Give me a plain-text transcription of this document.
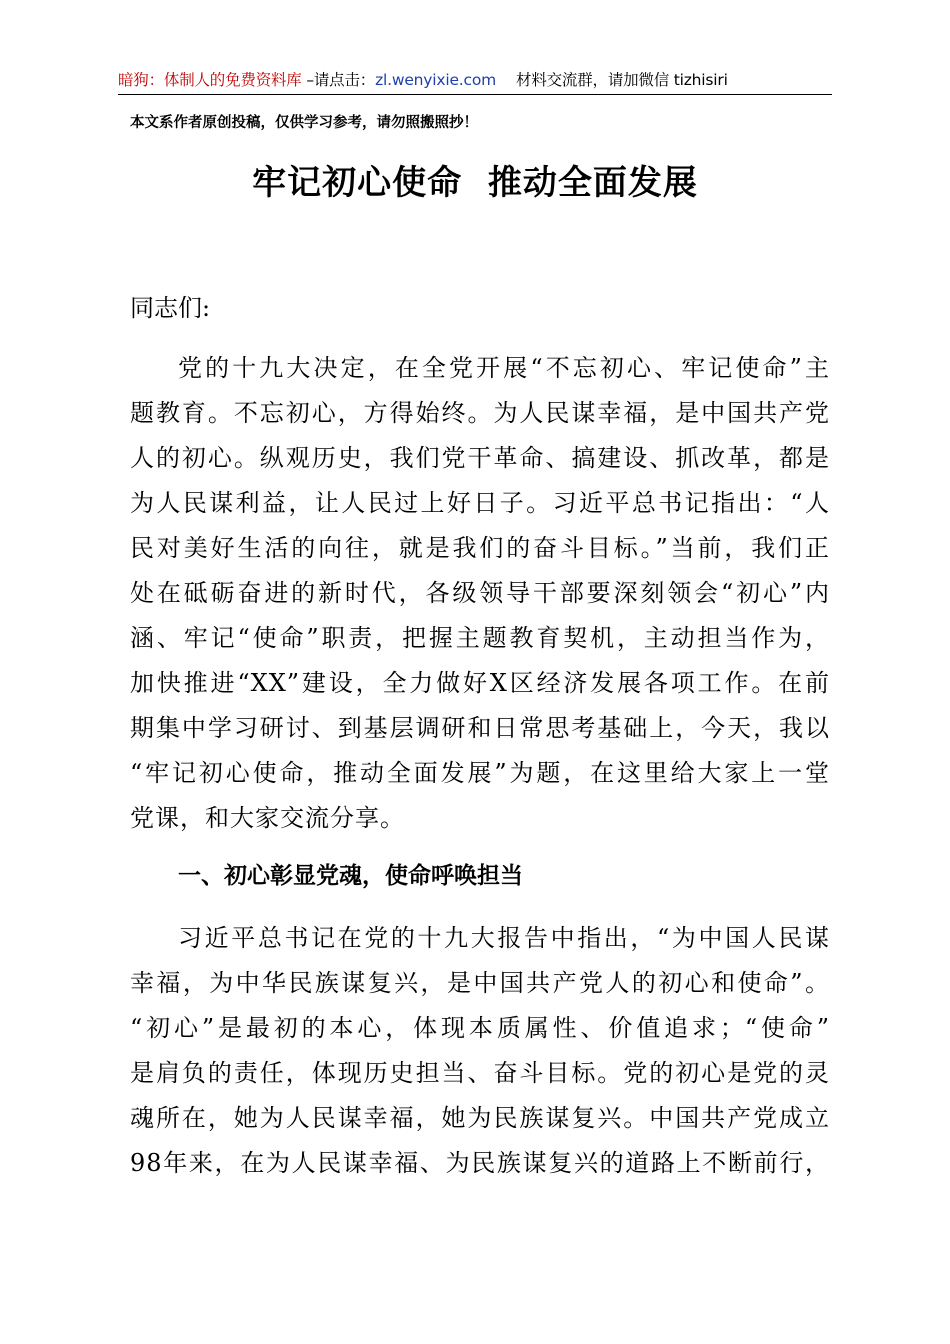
暗狗：体制人的免费资料库 –请点击：zl.wenyixie.com 材料交流群，请加微信 tizhisiri
本文系作者原创投稿，仅供学习参考，请勿照搬照抄！
牢记初心使命  推动全面发展
同志们:
党的十九大决定，在全党开展“不忘初心、牢记使命”主
题教育。不忘初心，方得始终。为人民谋幸福，是中国共产党
人的初心。纵观历史，我们党干革命、搞建设、抓改革，都是
为人民谋利益，让人民过上好日子。习近平总书记指出：“人
民对美好生活的向往，就是我们的奋斗目标。”当前，我们正
处在砥砺奋进的新时代，各级领导干部要深刻领会“初心”内
涵、牢记“使命”职责，把握主题教育契机，主动担当作为，
加快推进“XX”建设，全力做好X区经济发展各项工作。在前
期集中学习研讨、到基层调研和日常思考基础上，今天，我以
“牢记初心使命，推动全面发展”为题，在这里给大家上一堂
党课，和大家交流分享。
一、初心彰显党魂，使命呼唤担当
习近平总书记在党的十九大报告中指出，“为中国人民谋
幸福，为中华民族谋复兴，是中国共产党人的初心和使命”。
“初心”是最初的本心，体现本质属性、价值追求；“使命”
是肩负的责任，体现历史担当、奋斗目标。党的初心是党的灵
魂所在，她为人民谋幸福，她为民族谋复兴。中国共产党成立
98年来，在为人民谋幸福、为民族谋复兴的道路上不断前行，
